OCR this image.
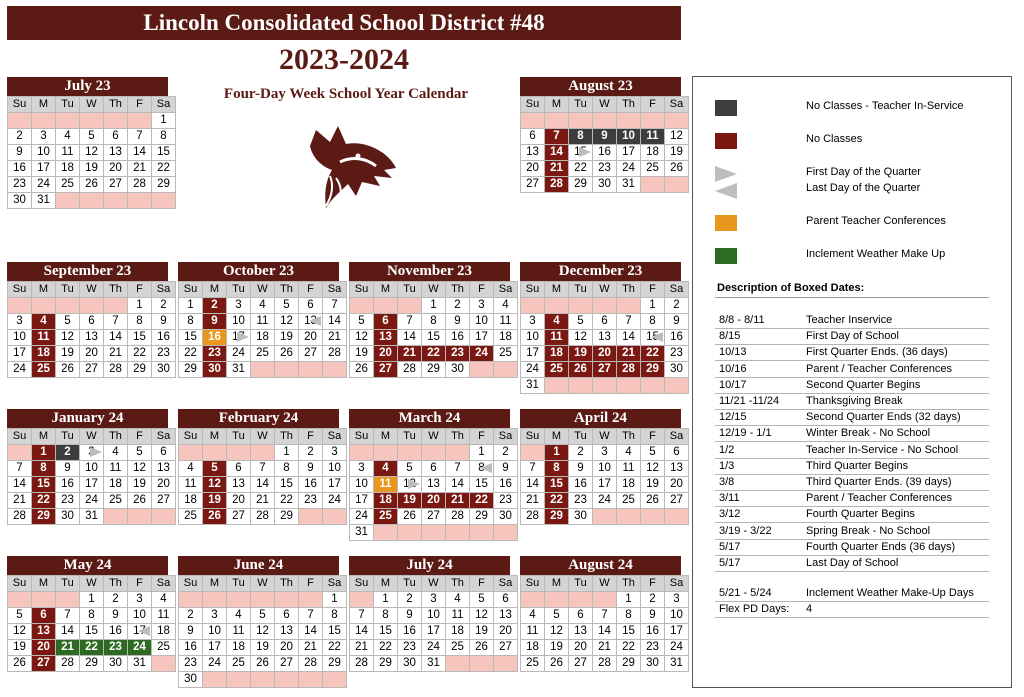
Lincoln Consolidated School District #48
2023-2024
Four-Day Week School Year Calendar
July 23
Su	M	Tu	W	Th	F	Sa
						1
2	3	4	5	6	7	8
9	10	11	12	13	14	15
16	17	18	19	20	21	22
23	24	25	26	27	28	29
30	31					
August 23
Su	M	Tu	W	Th	F	Sa

6	7	8	9	10	11	12
13	14	15	16	17	18	19
20	21	22	23	24	25	26
27	28	29	30	31		
September 23
Su	M	Tu	W	Th	F	Sa
					1	2
3	4	5	6	7	8	9
10	11	12	13	14	15	16
17	18	19	20	21	22	23
24	25	26	27	28	29	30
October 23
Su	M	Tu	W	Th	F	Sa
1	2	3	4	5	6	7
8	9	10	11	12	13	14
15	16	17	18	19	20	21
22	23	24	25	26	27	28
29	30	31				
November 23
Su	M	Tu	W	Th	F	Sa
			1	2	3	4
5	6	7	8	9	10	11
12	13	14	15	16	17	18
19	20	21	22	23	24	25
26	27	28	29	30		
December 23
Su	M	Tu	W	Th	F	Sa
					1	2
3	4	5	6	7	8	9
10	11	12	13	14	15	16
17	18	19	20	21	22	23
24	25	26	27	28	29	30
31						
January 24
Su	M	Tu	W	Th	F	Sa
	1	2	3	4	5	6
7	8	9	10	11	12	13
14	15	16	17	18	19	20
21	22	23	24	25	26	27
28	29	30	31			
February 24
Su	M	Tu	W	Th	F	Sa
				1	2	3
4	5	6	7	8	9	10
11	12	13	14	15	16	17
18	19	20	21	22	23	24
25	26	27	28	29		
March 24
Su	M	Tu	W	Th	F	Sa
					1	2
3	4	5	6	7	8	9
10	11	12	13	14	15	16
17	18	19	20	21	22	23
24	25	26	27	28	29	30
31						
April 24
Su	M	Tu	W	Th	F	Sa
	1	2	3	4	5	6
7	8	9	10	11	12	13
14	15	16	17	18	19	20
21	22	23	24	25	26	27
28	29	30				
May 24
Su	M	Tu	W	Th	F	Sa
			1	2	3	4
5	6	7	8	9	10	11
12	13	14	15	16	17	18
19	20	21	22	23	24	25
26	27	28	29	30	31	
June 24
Su	M	Tu	W	Th	F	Sa
						1
2	3	4	5	6	7	8
9	10	11	12	13	14	15
16	17	18	19	20	21	22
23	24	25	26	27	28	29
30						
July 24
Su	M	Tu	W	Th	F	Sa
	1	2	3	4	5	6
7	8	9	10	11	12	13
14	15	16	17	18	19	20
21	22	23	24	25	26	27
28	29	30	31			
August 24
Su	M	Tu	W	Th	F	Sa
				1	2	3
4	5	6	7	8	9	10
11	12	13	14	15	16	17
18	19	20	21	22	23	24
25	26	27	28	29	30	31
No Classes - Teacher In-Service
No Classes
First Day of the Quarter
Last Day of the Quarter
Parent Teacher Conferences
Inclement Weather Make Up
Description of Boxed Dates:
8/8 - 8/11	Teacher Inservice
8/15	First Day of School
10/13	First Quarter Ends. (36 days)
10/16	Parent / Teacher Conferences
10/17	Second Quarter Begins
11/21 -11/24 Thanksgiving Break
12/15	Second Quarter Ends (32 days)
12/19 - 1/1	Winter Break - No School
1/2	Teacher In-Service - No School
1/3	Third Quarter Begins
3/8	Third Quarter Ends. (39 days)
3/11	Parent / Teacher Conferences
3/12	Fourth Quarter Begins
3/19 - 3/22	Spring Break - No School
5/17	Fourth Quarter Ends (36 days)
5/17	Last Day of School
5/21 - 5/24	Inclement Weather Make-Up Days
Flex PD Days: 4
